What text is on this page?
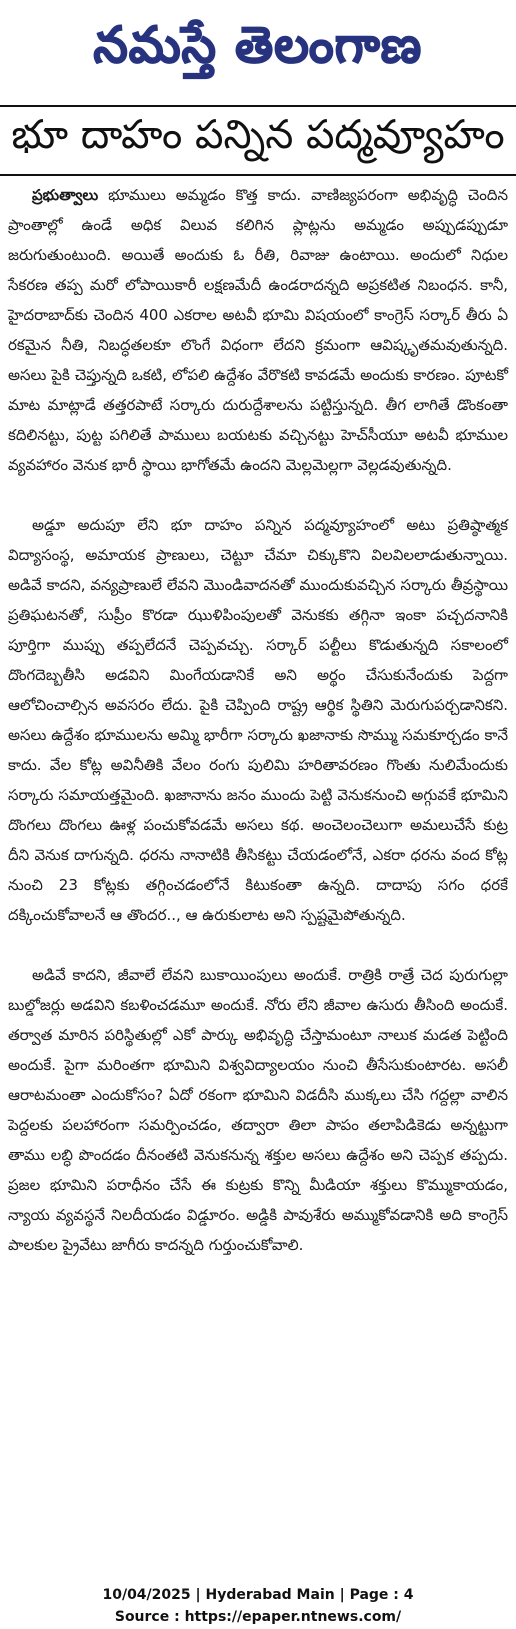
నమస్తే తెలంగాణ
భూ దాహం పన్నిన పద్మవ్యూహం

ప్రభుత్వాలు భూములు అమ్మడం కొత్త కాదు. వాణిజ్యపరంగా అభివృద్ధి చెందిన ప్రాంతాల్లో ఉండే అధిక విలువ కలిగిన ప్లాట్లను అమ్మడం అప్పుడప్పుడూ జరుగుతుంటుంది. అయితే అందుకు ఓ రీతి, రివాజు ఉంటాయి. అందులో నిధుల సేకరణ తప్ప మరో లోపాయికారీ లక్షణమేదీ ఉండరాదన్నది అప్రకటిత నిబంధన. కానీ, హైదరాబాద్‌కు చెందిన 400 ఎకరాల అటవీ భూమి విషయంలో కాంగ్రెస్ సర్కార్ తీరు ఏ రకమైన నీతి, నిబద్ధతలకూ లొంగే విధంగా లేదని క్రమంగా ఆవిష్కృతమవుతున్నది. అసలు పైకి చెప్తున్నది ఒకటి, లోపలి ఉద్దేశం వేరొకటి కావడమే అందుకు కారణం. పూటకో మాట మాట్లాడే తత్తరపాటే సర్కారు దురుద్దేశాలను పట్టిస్తున్నది. తీగ లాగితే డొంకంతా కదిలినట్టు, పుట్ట పగిలితే పాములు బయటకు వచ్చినట్టు హెచ్‌సీయూ అటవీ భూముల వ్యవహారం వెనుక భారీ స్థాయి భాగోతమే ఉందని మెల్లమెల్లగా వెల్లడవుతున్నది.

అడ్డూ అదుపూ లేని భూ దాహం పన్నిన పద్మవ్యూహంలో అటు ప్రతిష్ఠాత్మక విద్యాసంస్థ, అమాయక ప్రాణులు, చెట్టూ చేమా చిక్కుకొని విలవిలలాడుతున్నాయి. అడివే కాదని, వన్యప్రాణులే లేవని మొండివాదనతో ముందుకువచ్చిన సర్కారు తీవ్రస్థాయి ప్రతిఘటనతో, సుప్రీం కొరడా ఝుళిపింపులతో వెనుకకు తగ్గినా ఇంకా పచ్చదనానికి పూర్తిగా ముప్పు తప్పలేదనే చెప్పవచ్చు. సర్కార్ పల్టీలు కొడుతున్నది సకాలంలో దొంగదెబ్బతీసి అడవిని మింగేయడానికే అని అర్థం చేసుకునేందుకు పెద్దగా ఆలోచించాల్సిన అవసరం లేదు. పైకి చెప్పింది రాష్ట్ర ఆర్థిక స్థితిని మెరుగుపర్చడానికని. అసలు ఉద్దేశం భూములను అమ్మి భారీగా సర్కారు ఖజానాకు సొమ్ము సమకూర్చడం కానే కాదు. వేల కోట్ల అవినీతికి వేలం రంగు పులిమి హరితావరణం గొంతు నులిమేందుకు సర్కారు సమాయత్తమైంది. ఖజానాను జనం ముందు పెట్టి వెనుకనుంచి అగ్గువకే భూమిని దొంగలు దొంగలు ఊళ్ల పంచుకోవడమే అసలు కథ. అంచెలంచెలుగా అమలుచేసే కుట్ర దీని వెనుక దాగున్నది. ధరను నానాటికి తీసికట్టు చేయడంలోనే, ఎకరా ధరను వంద కోట్ల నుంచి 23 కోట్లకు తగ్గించడంలోనే కిటుకంతా ఉన్నది. దాదాపు సగం ధరకే దక్కించుకోవాలనే ఆ తొందర.., ఆ ఉరుకులాట అని స్పష్టమైపోతున్నది.

అడివే కాదని, జీవాలే లేవని బుకాయింపులు అందుకే. రాత్రికి రాత్రే చెద పురుగుల్లా బుల్డోజర్లు అడవిని కబళించడమూ అందుకే. నోరు లేని జీవాల ఉసురు తీసింది అందుకే. తర్వాత మారిన పరిస్థితుల్లో ఎకో పార్కు అభివృద్ధి చేస్తామంటూ నాలుక మడత పెట్టింది అందుకే. పైగా మరింతగా భూమిని విశ్వవిద్యాలయం నుంచి తీసేసుకుంటారట. అసలీ ఆరాటమంతా ఎందుకోసం? ఏదో రకంగా భూమిని విడదీసి ముక్కలు చేసి గద్దల్లా వాలిన పెద్దలకు పలహారంగా సమర్పించడం, తద్వారా తిలా పాపం తలాపిడికెడు అన్నట్టుగా తాము లబ్ధి పొందడం దీనంతటి వెనుకనున్న శక్తుల అసలు ఉద్దేశం అని చెప్పక తప్పదు. ప్రజల భూమిని పరాధీనం చేసే ఈ కుట్రకు కొన్ని మీడియా శక్తులు కొమ్ముకాయడం, న్యాయ వ్యవస్థనే నిలదీయడం విడ్డూరం. అడ్డికి పావుశేరు అమ్ముకోవడానికి అది కాంగ్రెస్ పాలకుల ప్రైవేటు జాగీరు కాదన్నది గుర్తుంచుకోవాలి.

10/04/2025 | Hyderabad Main | Page : 4
Source : https://epaper.ntnews.com/
